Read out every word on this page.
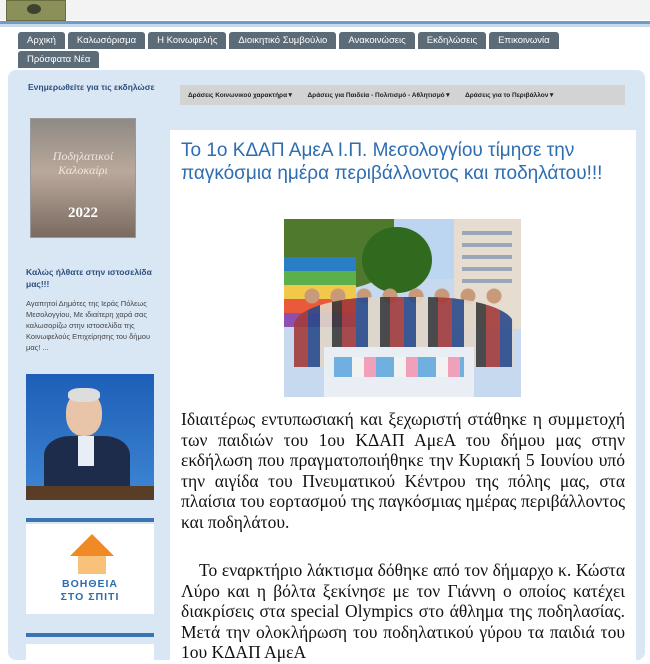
Αρχική	Καλωσόρισμα	Η Κοινωφελής	Διοικητικό Συμβούλιο	Ανακοινώσεις	Εκδηλώσεις	Επικοινωνία
Πρόσφατα Νέα
Ενημερωθείτε για τις εκδηλώσε
Ποδηλατικοί Καλοκαίρι
2022
Καλώς ήλθατε στην ιστοσελίδα μας!!!
Αγαπητοί Δημότες της Ιεράς Πόλεως Μεσολογγίου, Με ιδιαίτερη χαρά σας καλωσορίζω στην ιστοσελίδα της Κοινωφελούς Επιχείρησης του δήμου μας! ...
ΒΟΗΘΕΙΑ
ΣΤΟ ΣΠΙΤΙ
Δράσεις Κοινωνικού χαρακτήρα▼ Δράσεις για Παιδεία - Πολιτισμό - Αθλητισμό▼ Δράσεις για το Περιβάλλον▼
Το 1ο ΚΔΑΠ ΑμεΑ Ι.Π. Μεσολογγίου τίμησε την παγκόσμια ημέρα περιβάλλοντος και ποδηλάτου!!!

Ιδιαιτέρως εντυπωσιακή και ξεχωριστή στάθηκε η συμμετοχή των παιδιών του 1ου ΚΔΑΠ ΑμεΑ του δήμου μας στην εκδήλωση που πραγματοποιήθηκε την Κυριακή 5 Ιουνίου υπό την αιγίδα του Πνευματικού Κέντρου της πόλης μας, στα πλαίσια του εορτασμού της παγκόσμιας ημέρας περιβάλλοντος και ποδηλάτου.

Το εναρκτήριο λάκτισμα δόθηκε από τον δήμαρχο κ. Κώστα Λύρο και η βόλτα ξεκίνησε με τον Γιάννη ο οποίος κατέχει διακρίσεις στα special Olympics στο άθλημα της ποδηλασίας. Μετά την ολοκλήρωση του ποδηλατικού γύρου τα παιδιά του 1ου ΚΔΑΠ ΑμεΑ
